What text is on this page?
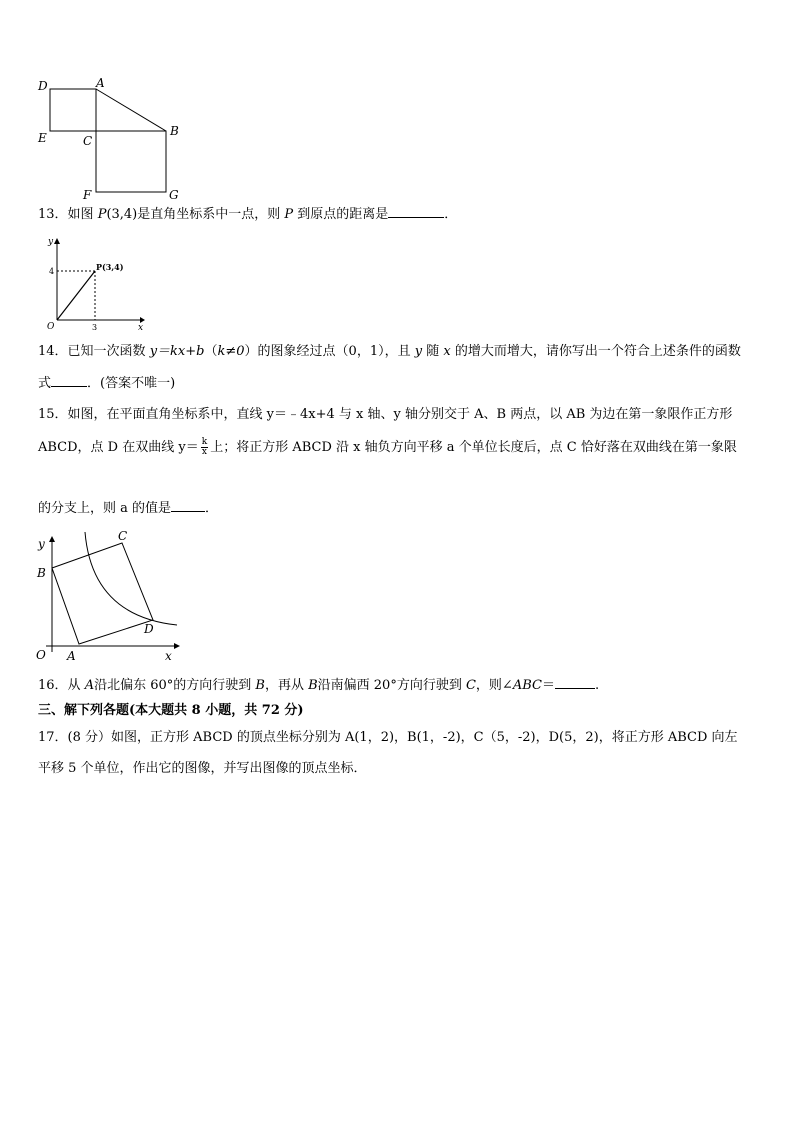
D	A
E	C
B
F	G
13．如图 P(3,4)是直角坐标系中一点，则 P 到原点的距离是	．
y
x
O
4
3
P(3,4)
14．已知一次函数 y＝kx+b（k≠0）的图象经过点（0，1），且 y 随 x 的增大而增大，请你写出一个符合上述条件的函数
式	．(答案不唯一)
15．如图，在平面直角坐标系中，直线 y＝﹣4x+4 与 x 轴、y 轴分别交于 A、B 两点，以 AB 为边在第一象限作正方形
ABCD，点 D 在双曲线 $y= \frac{k}{x}$ 上；将正方形 ABCD 沿 x 轴负方向平移 a 个单位长度后，点 C 恰好落在双曲线在第一象限
的分支上，则 a 的值是	．
y
x
O A
B
C
D
16．从 A沿北偏东 60°的方向行驶到 B，再从 B沿南偏西 20°方向行驶到 C，则∠ABC＝	.
三、解下列各题(本大题共 8 小题，共 72 分)
17．(8 分）如图，正方形 ABCD 的顶点坐标分别为 A(1，2)，B(1，-2)，C（5，-2)，D(5，2)，将正方形 ABCD 向左
平移 5 个单位，作出它的图像，并写出图像的顶点坐标．
